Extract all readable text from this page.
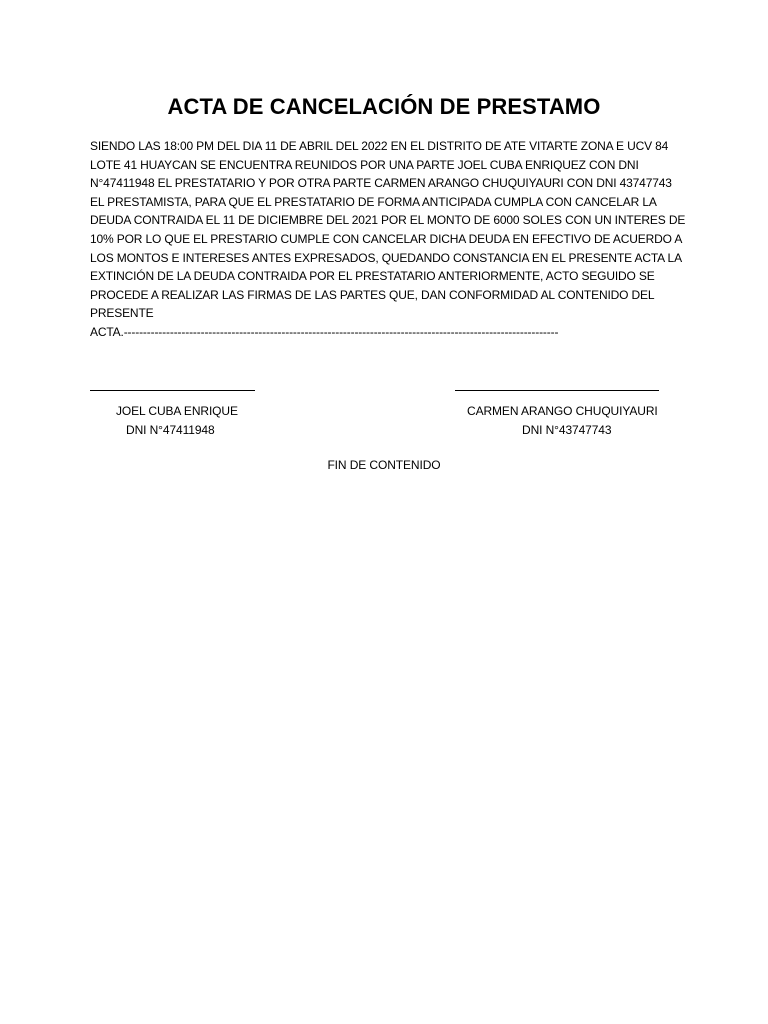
ACTA DE CANCELACIÓN DE PRESTAMO
SIENDO LAS 18:00 PM DEL DIA 11 DE ABRIL DEL 2022 EN EL DISTRITO DE ATE VITARTE ZONA E UCV 84
LOTE 41 HUAYCAN SE ENCUENTRA REUNIDOS POR UNA PARTE JOEL CUBA ENRIQUEZ CON DNI
N°47411948 EL PRESTATARIO Y POR OTRA PARTE CARMEN ARANGO CHUQUIYAURI CON DNI 43747743
EL PRESTAMISTA, PARA QUE EL PRESTATARIO DE FORMA ANTICIPADA CUMPLA CON CANCELAR LA
DEUDA CONTRAIDA EL 11 DE DICIEMBRE DEL 2021 POR EL MONTO DE 6000 SOLES CON UN INTERES DE
10% POR LO QUE EL PRESTARIO CUMPLE CON CANCELAR DICHA DEUDA EN EFECTIVO DE ACUERDO A
LOS MONTOS E INTERESES ANTES EXPRESADOS, QUEDANDO CONSTANCIA EN EL PRESENTE ACTA LA
EXTINCIÓN DE LA DEUDA CONTRAIDA POR EL PRESTATARIO ANTERIORMENTE, ACTO SEGUIDO SE
PROCEDE A REALIZAR LAS FIRMAS DE LAS PARTES QUE, DAN CONFORMIDAD AL CONTENIDO DEL
PRESENTE
ACTA.-----------------------------------------------------------------------------------------------------------------
JOEL CUBA ENRIQUE
DNI N°47411948
CARMEN ARANGO CHUQUIYAURI
DNI N°43747743
FIN DE CONTENIDO
